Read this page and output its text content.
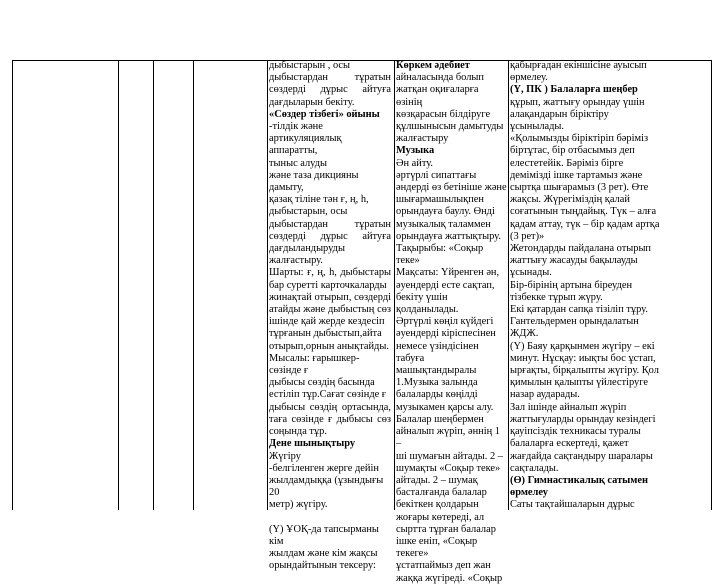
дыбыстарын , осы

дыбыстардан тұратын

сөздерді дұрыс айтуға

дағдыларын бекіту.

«Сөздер тізбегі» ойыны

-тілдік және

артикуляциялық аппаратты,

тыныс алуды

және таза дикцияны дамыту,

қазақ тіліне тән ғ, ң, һ,

дыбыстарын, осы

дыбыстардан тұратын

сөздерді дұрыс айтуға

дағдыландыруды

жалғастыру.

Шарты: ғ, ң, һ, дыбыстары

бар суретті карточкаларды

жинақтай отырып, сөздерді

атайды және дыбыстың сөз

ішінде қай жерде кездесіп

тұрғанын дыбыстып,айта

отырып,орнын анықтайды.

Мысалы: ғарышкер-сөзінде ғ

дыбысы сөздің басында

естіліп тұр.Сағат сөзінде ғ

дыбысы сөздің ортасында,

таға сөзінде ғ дыбысы сөз

соңында тұр.

Дене шынықтыру

Жүгіру

-белгіленген жерге дейін

жылдамдыққа (ұзындығы 20

метр) жүгіру.

(Ү) ҰОҚ-да тапсырманы кім

жылдам және кім жақсы

орындайтынын тексеру:

Көркем әдебиет

айналасында болып

жатқан оқиғаларға өзінің

көзқарасын білдіруге

құлшынысын дамытуды

жалғастыру

Музыка

Ән айту.

әртүрлі сипаттағы

әндерді өз бетініше және

шығармашылықпен

орындауға баулу. Өнді

музыкалық таламмен

орындауға жаттықтыру.

Тақырыбы: «Соқыр теке»

Мақсаты: Үйренген ән,

әуендерді есте сақтап,

бекіту үшін қолданылады.

Әртүрлі көңіл күйдегі

әуендерді кіріспесінен

немесе үзіндісінен табуға

машықтандыралы

1.Музыка залында

балаларды көңілді

музыкамен қарсы алу.

Балалар шеңбермен

айналып жүріп, әннің 1 –

ші шумағын айтады. 2 –

шумақты «Соқыр теке»

айтады. 2 – шумақ

басталғанда балалар

бекіткен қолдарын

жоғары көтереді, ал

сыртта тұрған балалар

ішке еніп, «Соқыр текеге»

ұстатпаймыз деп жан

жаққа жүгіреді. «Соқыр

қабырғадан екіншісіне ауысып

өрмелеу.

(Ү, ПК ) Балаларға шеңбер

құрып, жаттығу орындау үшін

алақандарын біріктіру

ұсынылады.

«Қолымызды біріктіріп бәріміз

біртұтас, бір отбасымыз деп

елестетейік. Бәріміз бірге

демімізді ішке тартамыз және

сыртқа шығарамыз (3 рет). Өте

жақсы. Жүрегіміздің қалай

соғатынын тыңдайық. Түк – алға

қадам аттау, түк – бір қадам артқа

(3 рет)»

Жетондарды пайдалана отырып

жаттығу жасауды бақылауды

ұсынады.

Бір-бірінің артына біреуден

тізбекке тұрып жүру.

Екі қатардан сапқа тізіліп тұру.

Гантельдермен орындалатын

ЖДЖ.

(Ү) Баяу қарқынмен жүгіру – екі

минут. Нұсқау: иықты бос ұстап,

ырғақты, бірқалыпты жүгіру. Қол

қимылын қалыпты үйлестіруге

назар аударады.

Зал ішінде айналып жүріп

жаттығуларды орындау кезіндегі

қауіпсіздік техникасы туралы

балаларға ескертеді, қажет

жағдайда сақтандыру шаралары

сақталады.

(Ө) Гимнастикалық сатымен

өрмелеу

Саты тақтайшаларын дұрыс
